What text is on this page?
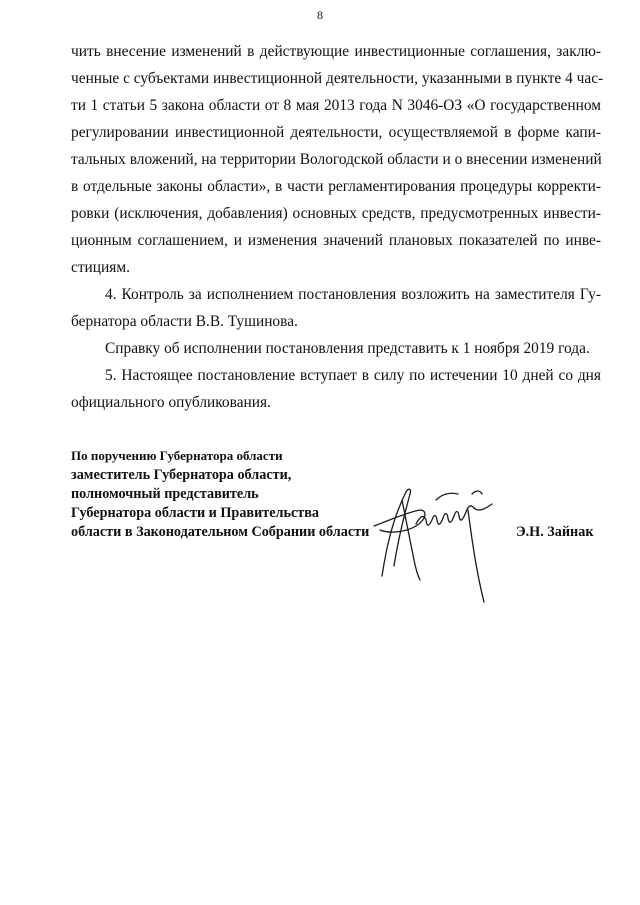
8
чить внесение изменений в действующие инвестиционные соглашения, заклю-
ченные с субъектами инвестиционной деятельности, указанными в пункте 4 час-
ти 1 статьи 5 закона области от 8 мая 2013 года N 3046-ОЗ «О государственном
регулировании инвестиционной деятельности, осуществляемой в форме капи-
тальных вложений, на территории Вологодской области и о внесении изменений
в отдельные законы области», в части регламентирования процедуры корректи-
ровки (исключения, добавления) основных средств, предусмотренных инвести-
ционным соглашением, и изменения значений плановых показателей по инве-
стициям.
4. Контроль за исполнением постановления возложить на заместителя Гу-
бернатора области В.В. Тушинова.
Справку об исполнении постановления представить к 1 ноября 2019 года.
5. Настоящее постановление вступает в силу по истечении 10 дней со дня
официального опубликования.
По поручению Губернатора области
заместитель Губернатора области,
полномочный представитель
Губернатора области и Правительства
области в Законодательном Собрании области	Э.Н. Зайнак
